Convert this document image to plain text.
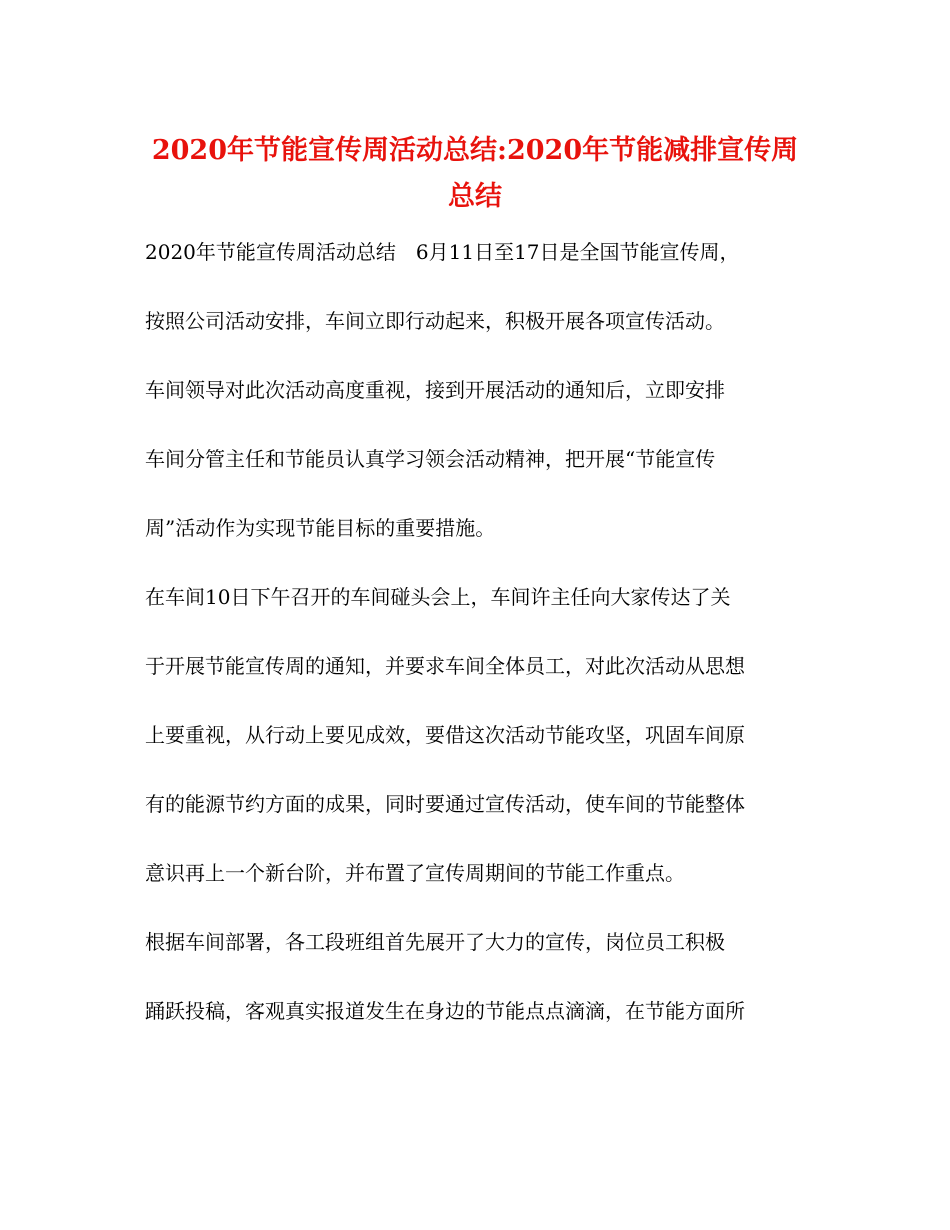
2020年节能宣传周活动总结:2020年节能减排宣传周
总结
2020年节能宣传周活动总结　6月11日至17日是全国节能宣传周，
按照公司活动安排，车间立即行动起来，积极开展各项宣传活动。
车间领导对此次活动高度重视，接到开展活动的通知后，立即安排
车间分管主任和节能员认真学习领会活动精神，把开展“节能宣传
周”活动作为实现节能目标的重要措施。
在车间10日下午召开的车间碰头会上，车间许主任向大家传达了关
于开展节能宣传周的通知，并要求车间全体员工，对此次活动从思想
上要重视，从行动上要见成效，要借这次活动节能攻坚，巩固车间原
有的能源节约方面的成果，同时要通过宣传活动，使车间的节能整体
意识再上一个新台阶，并布置了宣传周期间的节能工作重点。
根据车间部署，各工段班组首先展开了大力的宣传，岗位员工积极
踊跃投稿，客观真实报道发生在身边的节能点点滴滴，在节能方面所
